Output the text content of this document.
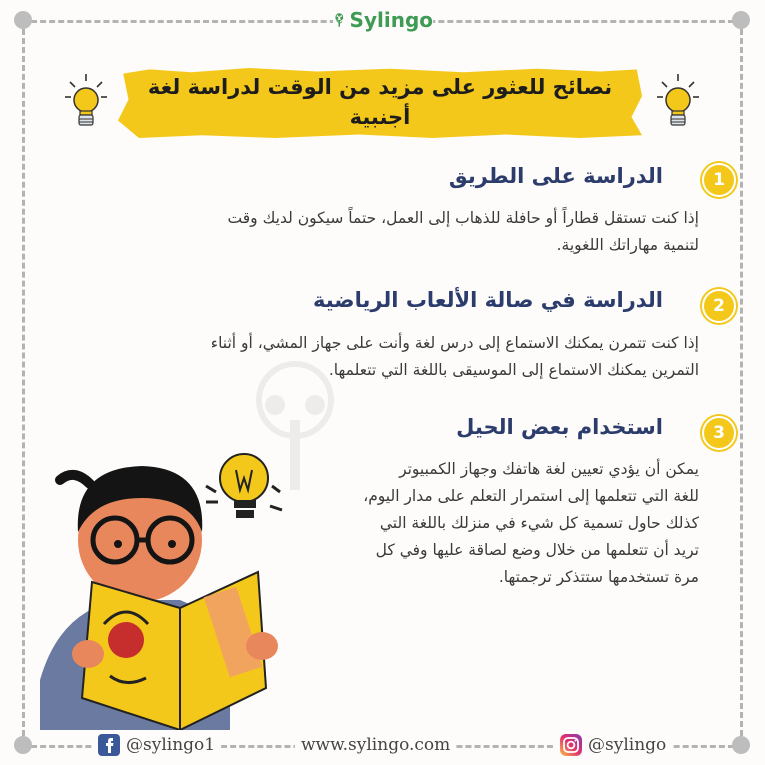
Sylingo
نصائح للعثور على مزيد من الوقت لدراسة لغة أجنبية
1
الدراسة على الطريق
إذا كنت تستقل قطاراً أو حافلة للذهاب إلى العمل، حتماً سيكون لديك وقت
لتنمية مهاراتك اللغوية.
2
الدراسة في صالة الألعاب الرياضية
إذا كنت تتمرن يمكنك الاستماع إلى درس لغة وأنت على جهاز المشي، أو أثناء
التمرين يمكنك الاستماع إلى الموسيقى باللغة التي تتعلمها.
3
استخدام بعض الحيل
يمكن أن يؤدي تعيين لغة هاتفك وجهاز الكمبيوتر
للغة التي تتعلمها إلى استمرار التعلم على مدار اليوم،
كذلك حاول تسمية كل شيء في منزلك باللغة التي
تريد أن تتعلمها من خلال وضع لصاقة عليها وفي كل
مرة تستخدمها ستتذكر ترجمتها.
@sylingo1	www.sylingo.com	@sylingo
